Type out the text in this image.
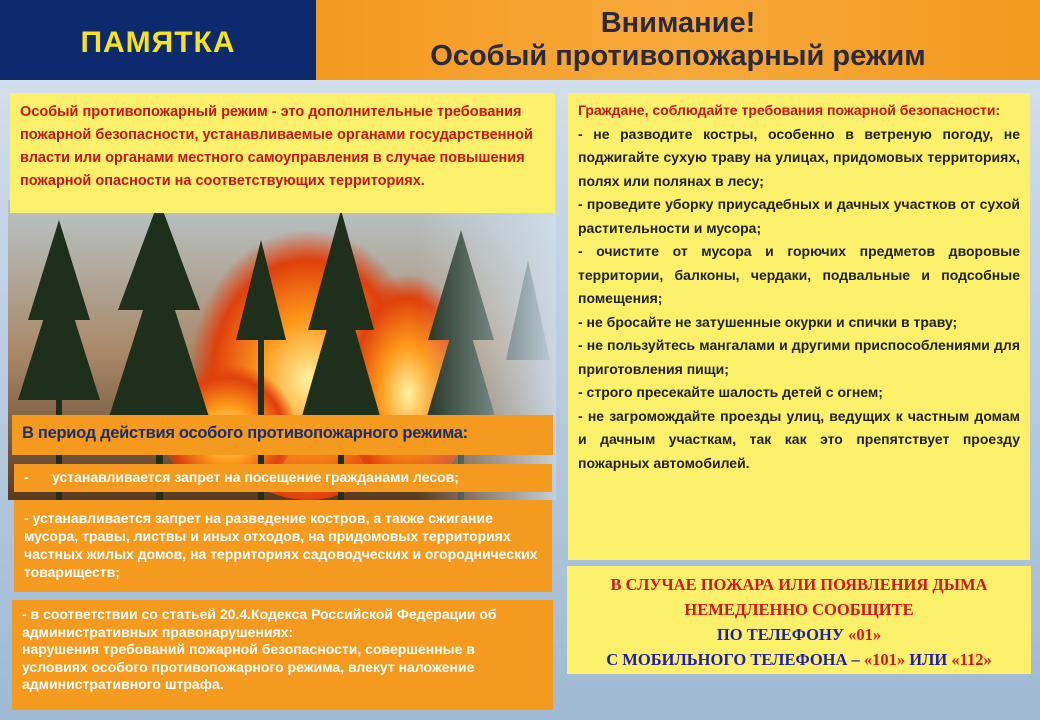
ПАМЯТКА
Внимание!
Особый противопожарный режим
Особый противопожарный режим - это дополнительные требования пожарной безопасности, устанавливаемые органами государственной власти или органами местного самоуправления в случае повышения пожарной опасности на соответствующих территориях.
В период действия особого противопожарного режима:
- устанавливается запрет на посещение гражданами лесов;
- устанавливается запрет на разведение костров, а также сжигание мусора, травы, листвы и иных отходов, на придомовых территориях частных жилых домов, на территориях садоводческих и огороднических товариществ;
- в соответствии со статьей 20.4.Кодекса Российской Федерации об административных правонарушениях:
нарушения требований пожарной безопасности, совершенные в условиях особого противопожарного режима, влекут наложение административного штрафа.
Граждане, соблюдайте требования пожарной безопасности:
- не разводите костры, особенно в ветреную погоду, не поджигайте сухую траву на улицах, придомовых территориях, полях или полянах в лесу;
- проведите уборку приусадебных и дачных участков от сухой растительности и мусора;
- очистите от мусора и горючих предметов дворовые территории, балконы, чердаки, подвальные и подсобные помещения;
- не бросайте не затушенные окурки и спички в траву;
- не пользуйтесь мангалами и другими приспособлениями для приготовления пищи;
- строго пресекайте шалость детей с огнем;
- не загромождайте проезды улиц, ведущих к частным домам и дачным участкам, так как это препятствует проезду пожарных автомобилей.
В СЛУЧАЕ ПОЖАРА ИЛИ ПОЯВЛЕНИЯ ДЫМА
НЕМЕДЛЕННО СООБЩИТЕ
ПО ТЕЛЕФОНУ «01»
С МОБИЛЬНОГО ТЕЛЕФОНА – «101» ИЛИ «112»
